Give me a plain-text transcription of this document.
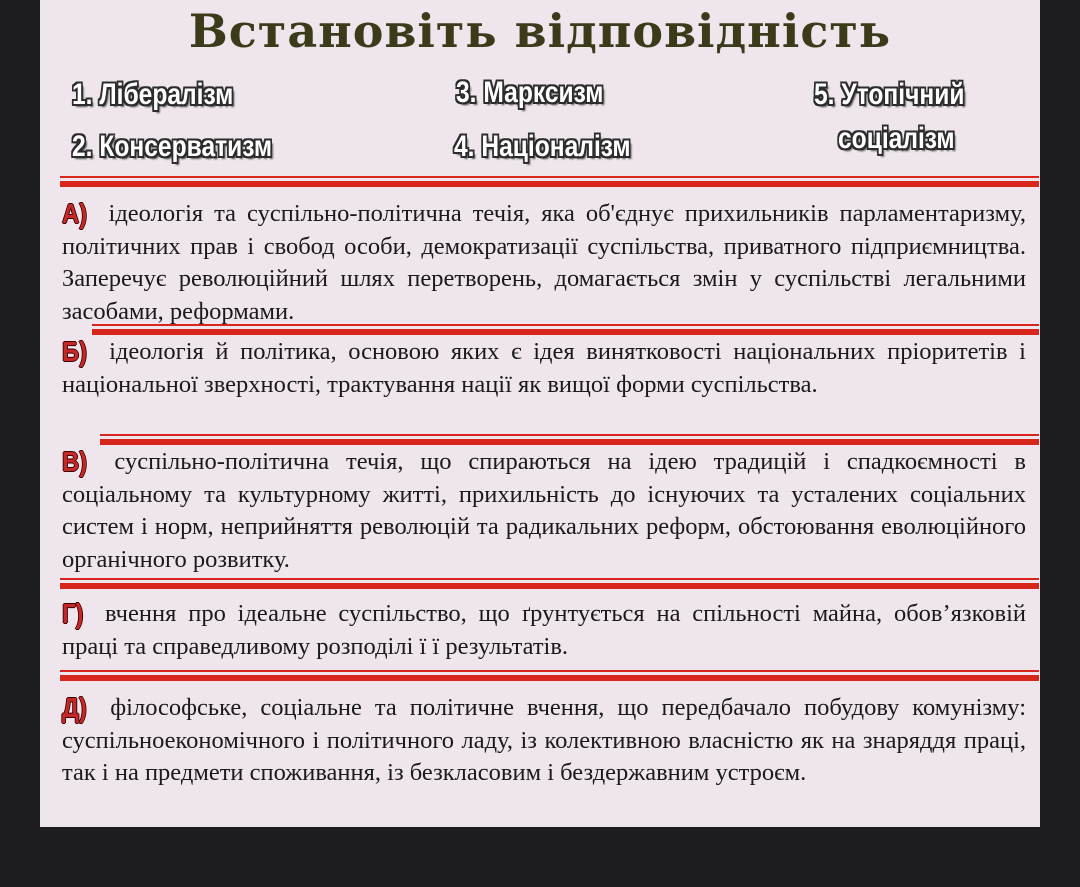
Встановіть відповідність
1. Лібералізм
2. Консерватизм
3. Марксизм
4. Націоналізм
5. Утопічний
соціалізм
А) ідеологія та суспільно-політична течія, яка об'єднує прихильників парламентаризму, політичних прав і свобод особи, демократизації суспільства, приватного підприємництва. Заперечує революційний шлях перетворень, домагається змін у суспільстві легальними засобами, реформами.
Б) ідеологія й політика, основою яких є ідея винятковості національних пріоритетів і національної зверхності, трактування нації як вищої форми суспільства.
В) суспільно-політична течія, що спираються на ідею традицій і спадкоємності в соціальному та культурному житті, прихильність до існуючих та усталених соціальних систем і норм, неприйняття революцій та радикальних реформ, обстоювання еволюційного органічного розвитку.
Г) вчення про ідеальне суспільство, що ґрунтується на спільності майна, обов’язковій праці та справедливому розподілі ї ї результатів.
Д) філософське, соціальне та політичне вчення, що передбачало побудову комунізму: суспільноекономічного і політичного ладу, із колективною власністю як на знаряддя праці, так і на предмети споживання, із безкласовим і бездержавним устроєм.
